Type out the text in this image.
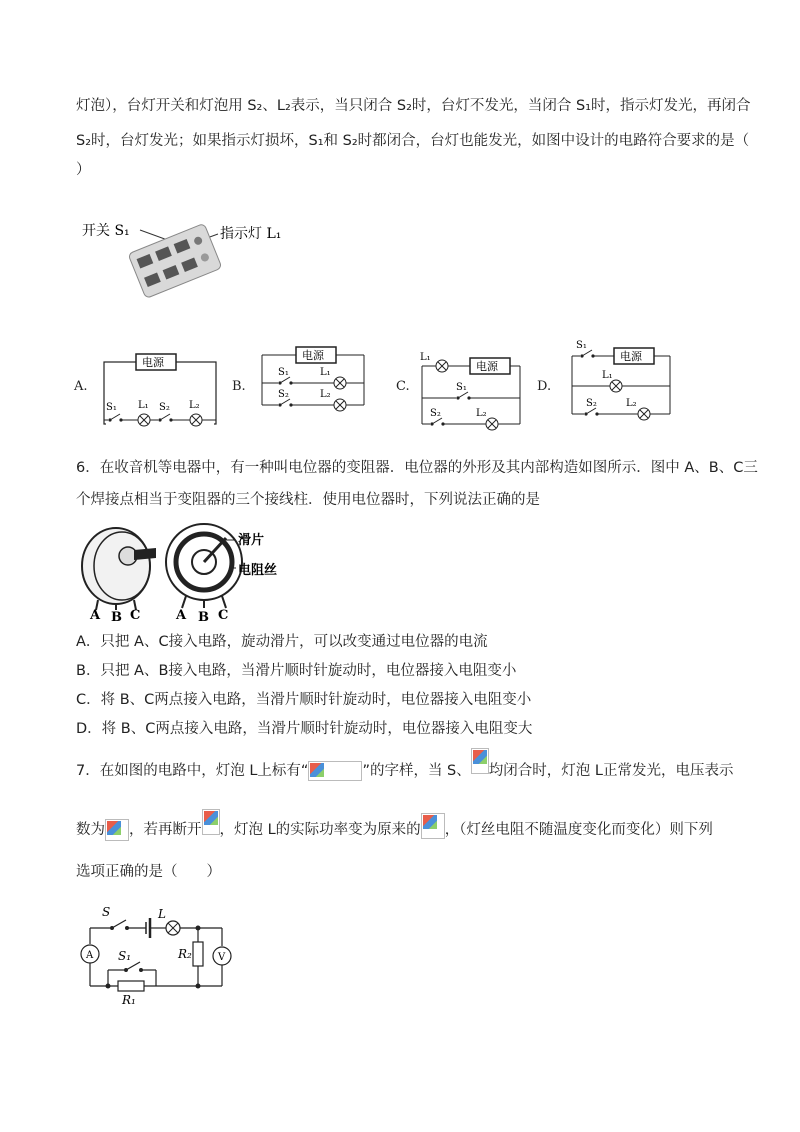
灯泡），台灯开关和灯泡用 S₂、L₂表示，当只闭合 S₂时，台灯不发光，当闭合 S₁时，指示灯发光，再闭合
S₂时，台灯发光；如果指示灯损坏，S₁和 S₂时都闭合，台灯也能发光，如图中设计的电路符合要求的是（
）
开关 S₁	指示灯 L₁
A.
电源
S₁ L₁ S₂ L₂
B.
电源
S₁	L₁
S₂	L₂
C.
L₁
电源
S₁
S₂	L₂
D.
S₁
电源
L₁
S₂	L₂
6．在收音机等电器中，有一种叫电位器的变阻器．电位器的外形及其内部构造如图所示．图中 A、B、C三
个焊接点相当于变阻器的三个接线柱．使用电位器时，下列说法正确的是
A B C	A B C
滑片
电阻丝
A．只把 A、C接入电路，旋动滑片，可以改变通过电位器的电流
B．只把 A、B接入电路，当滑片顺时针旋动时，电位器接入电阻变小
C．将 B、C两点接入电路，当滑片顺时针旋动时，电位器接入电阻变小
D．将 B、C两点接入电路，当滑片顺时针旋动时，电位器接入电阻变大
7．在如图的电路中，灯泡 L上标有“	”的字样，当 S、 均闭合时，灯泡 L正常发光，电压表示
数为 ，若再断开 ，灯泡 L的实际功率变为原来的 ，（灯丝电阻不随温度变化而变化）则下列
选项正确的是（　　）
S	L
A S₁
R₁
R₂	V
